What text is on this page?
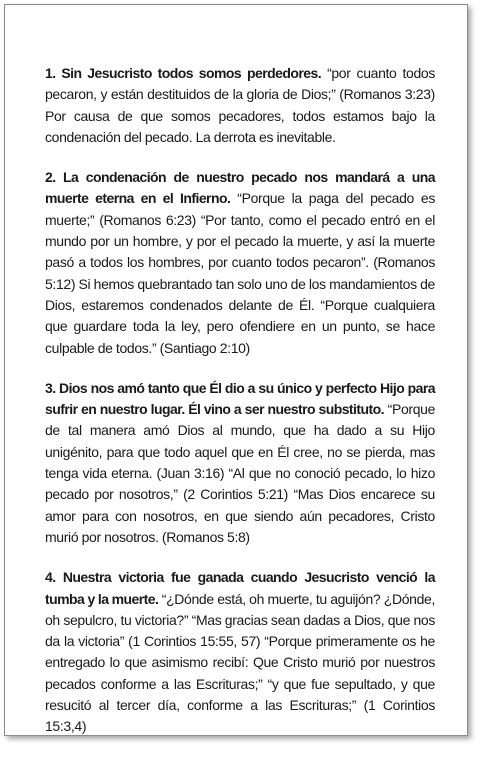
1. Sin Jesucristo todos somos perdedores. “por cuanto todos pecaron, y están destituidos de la gloria de Dios;” (Romanos 3:23) Por causa de que somos pecadores, todos estamos bajo la condenación del pecado. La derrota es inevitable.

2. La condenación de nuestro pecado nos mandará a una muerte eterna en el Infierno. “Porque la paga del pecado es muerte;” (Romanos 6:23) “Por tanto, como el pecado entró en el mundo por un hombre, y por el pecado la muerte, y así la muerte pasó a todos los hombres, por cuanto todos pecaron”. (Romanos 5:12) Si hemos quebrantado tan solo uno de los mandamientos de Dios, estaremos condenados delante de Él. “Porque cualquiera que guardare toda la ley, pero ofendiere en un punto, se hace culpable de todos.” (Santiago 2:10)

3. Dios nos amó tanto que Él dio a su único y perfecto Hijo para sufrir en nuestro lugar. Él vino a ser nuestro substituto. “Porque de tal manera amó Dios al mundo, que ha dado a su Hijo unigénito, para que todo aquel que en Él cree, no se pierda, mas tenga vida eterna. (Juan 3:16) “Al que no conoció pecado, lo hizo pecado por nosotros,” (2 Corintios 5:21) “Mas Dios encarece su amor para con nosotros, en que siendo aún pecadores, Cristo murió por nosotros. (Romanos 5:8)

4. Nuestra victoria fue ganada cuando Jesucristo venció la tumba y la muerte. “¿Dónde está, oh muerte, tu aguijón? ¿Dónde, oh sepulcro, tu victoria?” “Mas gracias sean dadas a Dios, que nos da la victoria” (1 Corintios 15:55, 57) “Porque primeramente os he entregado lo que asimismo recibí: Que Cristo murió por nuestros pecados conforme a las Escrituras;” “y que fue sepultado, y que resucitó al tercer día, conforme a las Escrituras;” (1 Corintios 15:3,4)
